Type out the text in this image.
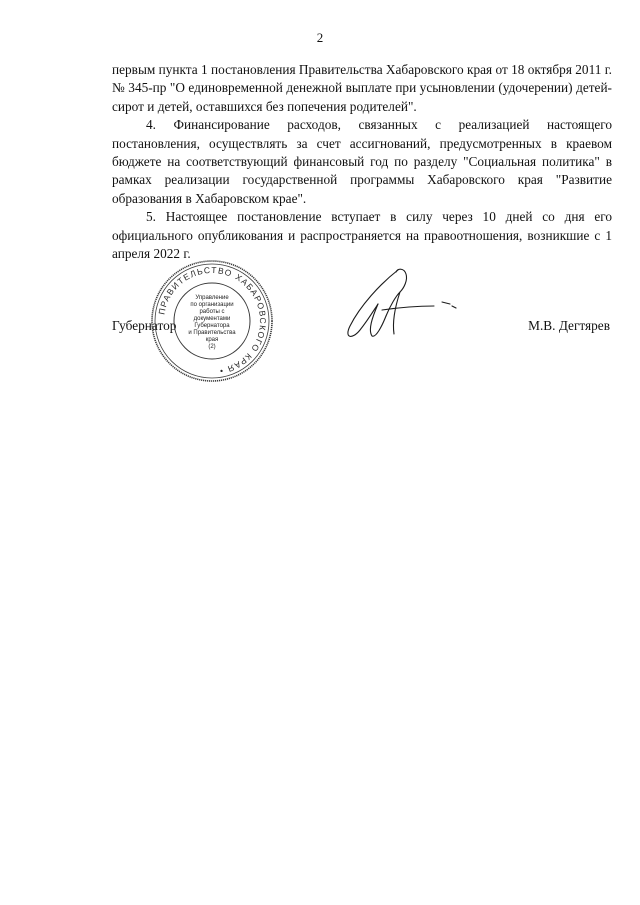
2

первым пункта 1 постановления Правительства Хабаровского края от 18 октября 2011 г. № 345-пр "О единовременной денежной выплате при усыновлении (удочерении) детей-сирот и детей, оставшихся без попечения родителей".

4. Финансирование расходов, связанных с реализацией настоящего постановления, осуществлять за счет ассигнований, предусмотренных в краевом бюджете на соответствующий финансовый год по разделу "Социальная политика" в рамках реализации государственной программы Хабаровского края "Развитие образования в Хабаровском крае".

5. Настоящее постановление вступает в силу через 10 дней со дня его официального опубликования и распространяется на правоотношения, возникшие с 1 апреля 2022 г.

Губернатор	М.В. Дегтярев
ПРАВИТЕЛЬСТВО ХАБАРОВСКОГО КРАЯ •
Управление
по организации
работы с документами
Губернатора
и Правительства
края
(2)
